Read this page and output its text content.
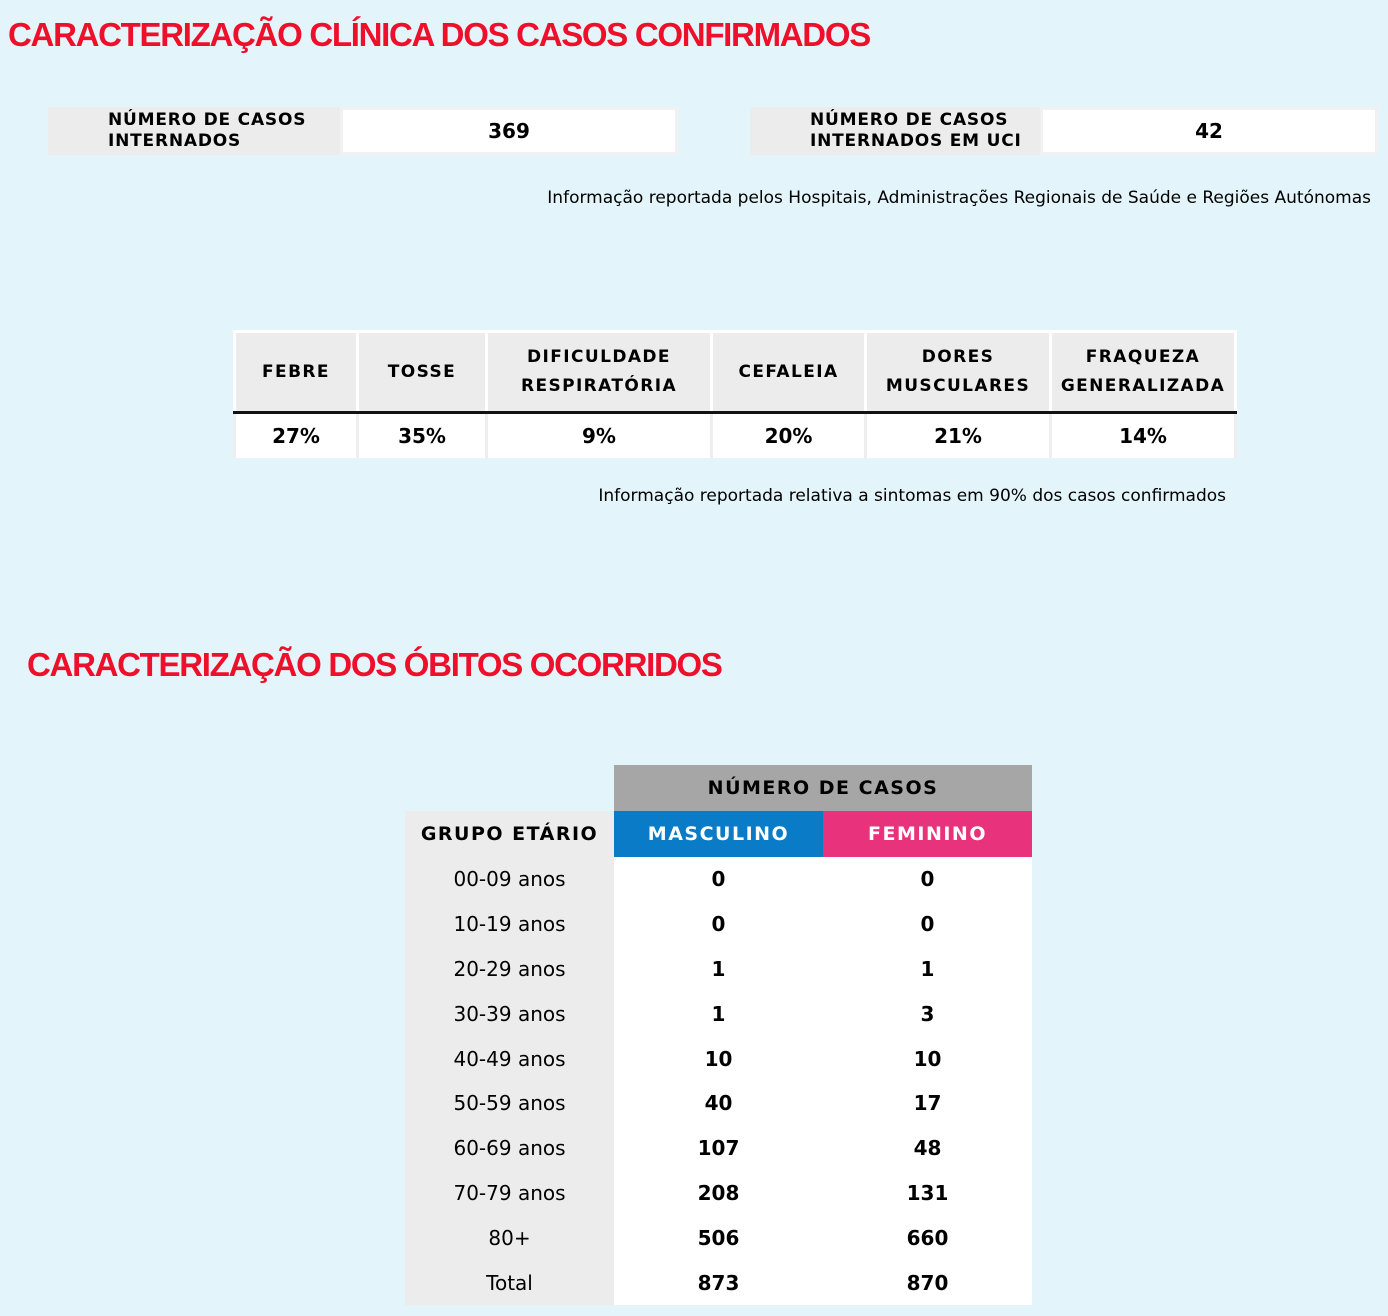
CARACTERIZAÇÃO CLÍNICA DOS CASOS CONFIRMADOS
NÚMERO DE CASOS INTERNADOS	369	NÚMERO DE CASOS INTERNADOS EM UCI	42
Informação reportada pelos Hospitais, Administrações Regionais de Saúde e Regiões Autónomas
FEBRE	TOSSE	DIFICULDADE RESPIRATÓRIA	CEFALEIA	DORES MUSCULARES	FRAQUEZA GENERALIZADA
27%	35%	9%	20%	21%	14%
Informação reportada relativa a sintomas em 90% dos casos confirmados
CARACTERIZAÇÃO DOS ÓBITOS OCORRIDOS
	NÚMERO DE CASOS	
GRUPO ETÁRIO	MASCULINO	FEMININO
00-09 anos	0	0
10-19 anos	0	0
20-29 anos	1	1
30-39 anos	1	3
40-49 anos	10	10
50-59 anos	40	17
60-69 anos	107	48
70-79 anos	208	131
80+	506	660
Total	873	870
